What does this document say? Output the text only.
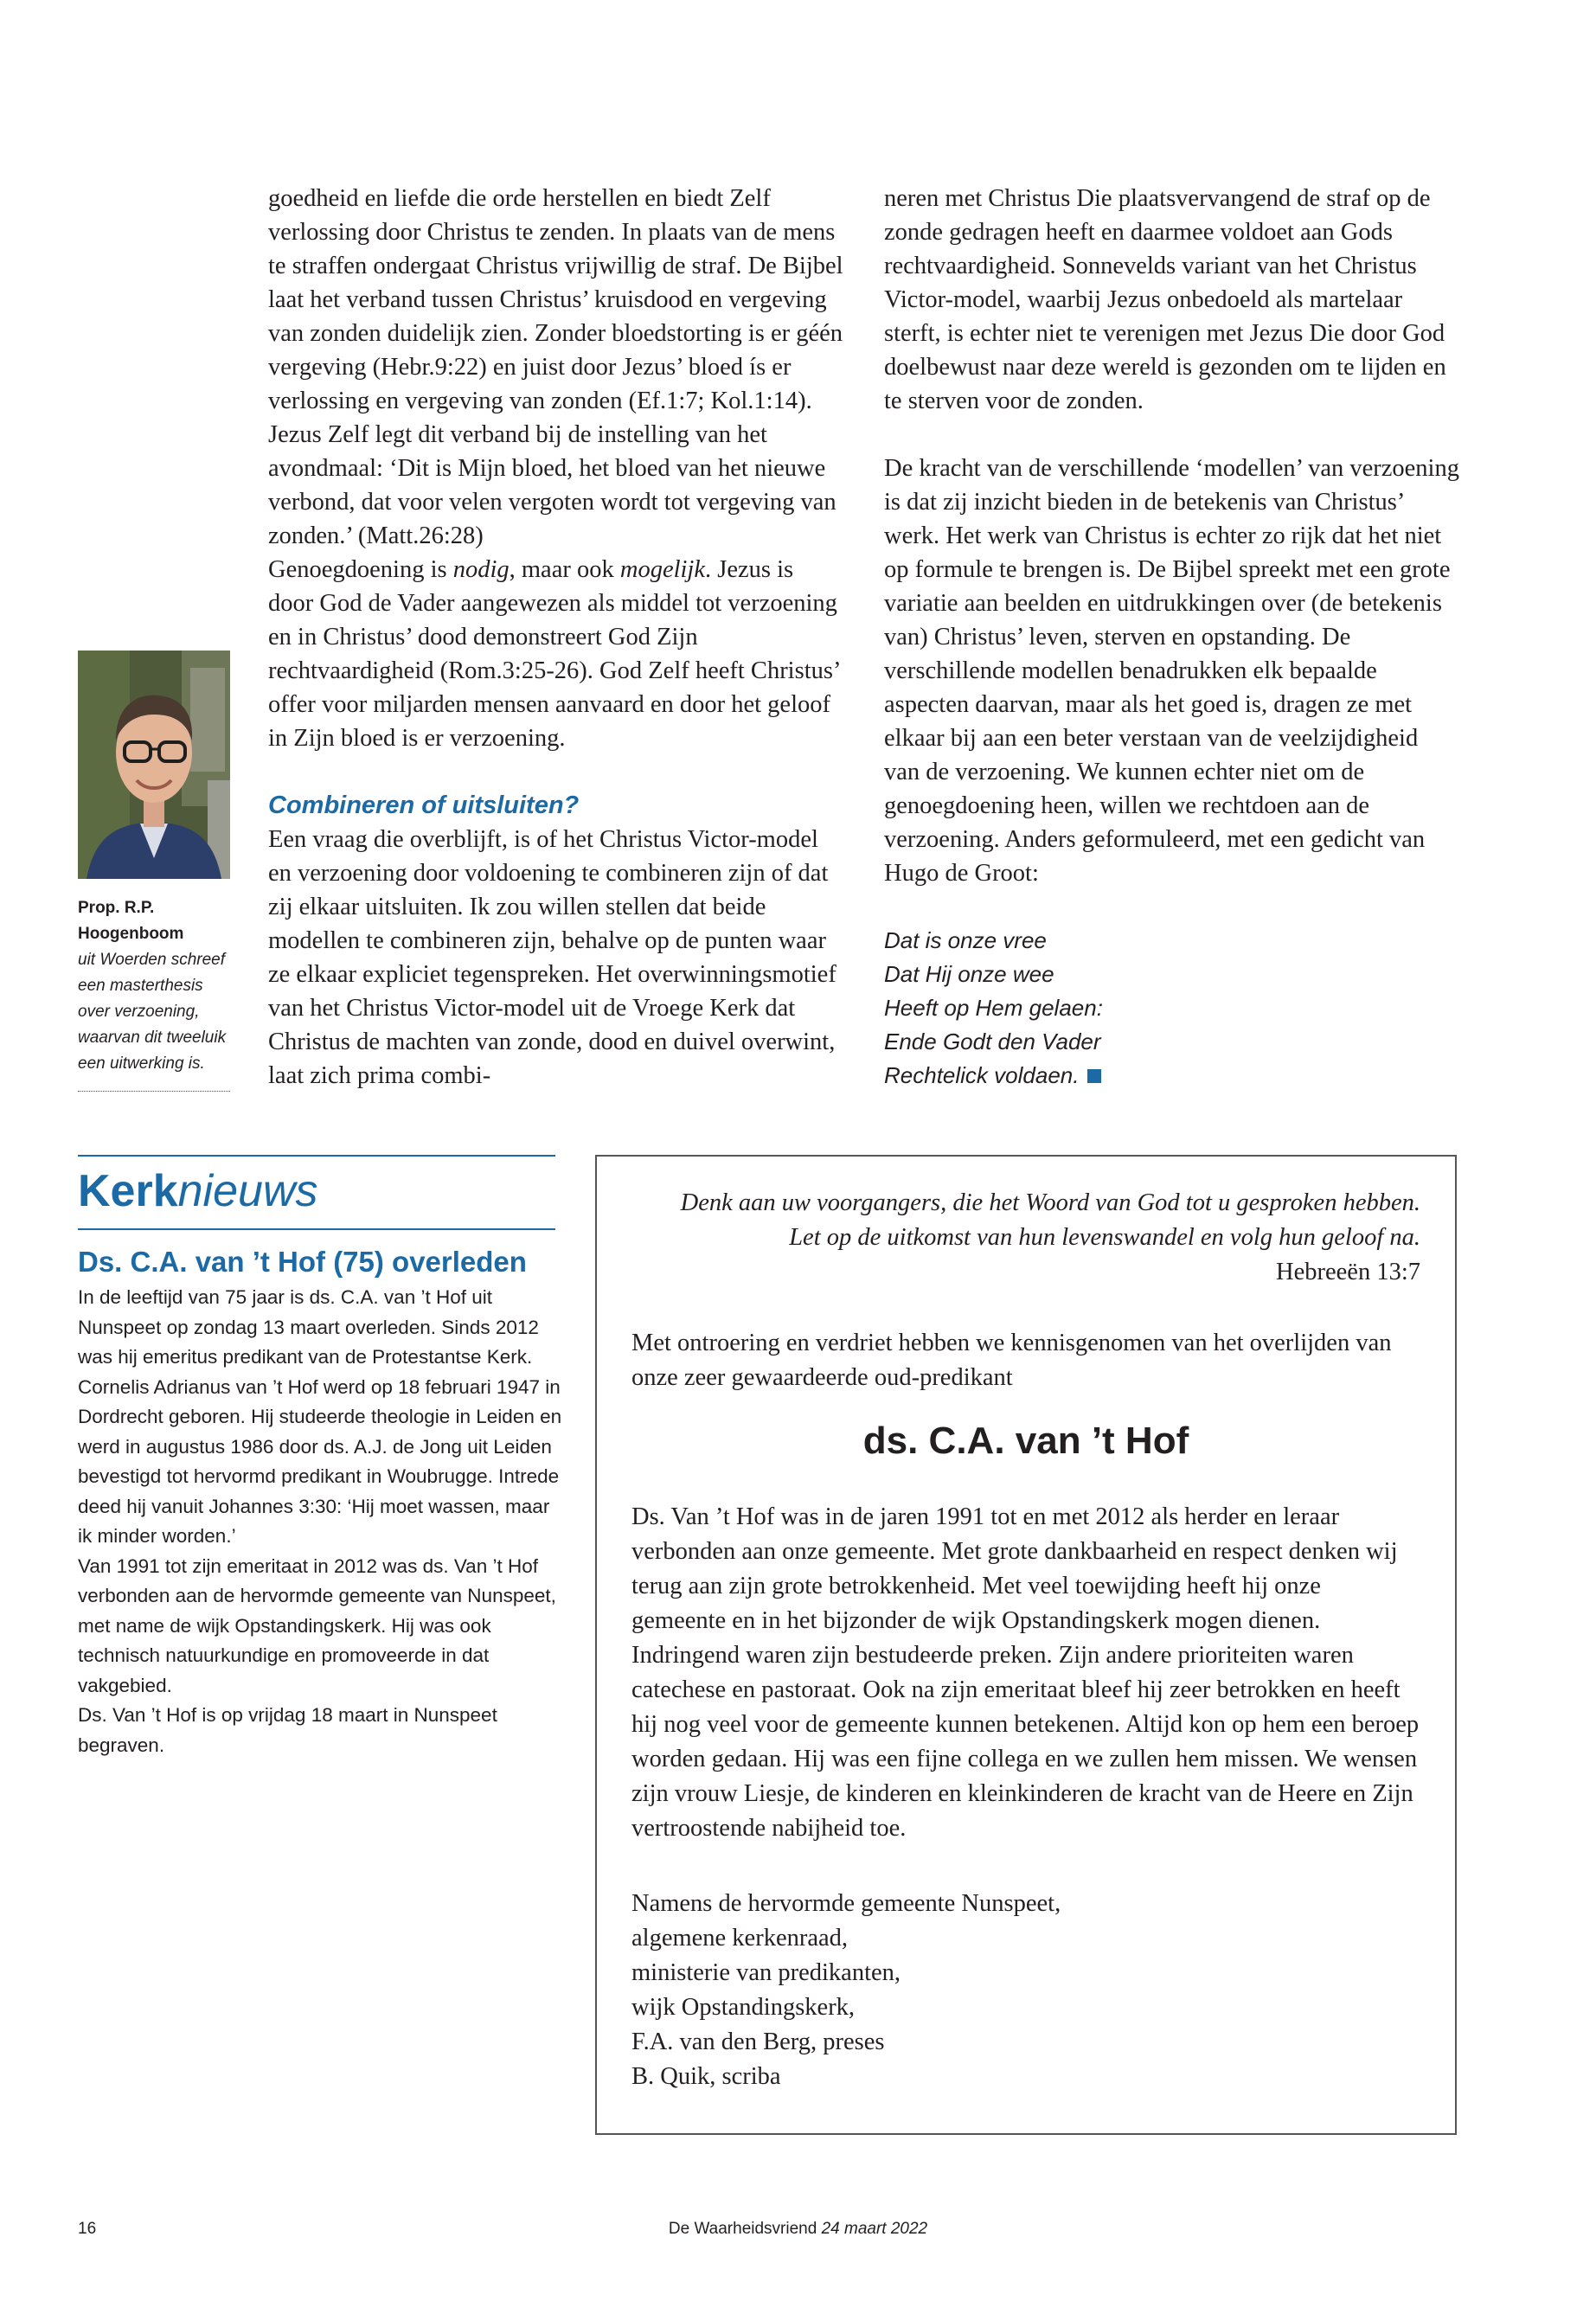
goedheid en liefde die orde herstellen en biedt Zelf verlossing door Christus te zenden. In plaats van de mens te straffen ondergaat Christus vrijwillig de straf. De Bijbel laat het verband tussen Christus’ kruisdood en vergeving van zonden duidelijk zien. Zonder bloedstorting is er géén vergeving (Hebr.9:22) en juist door Jezus’ bloed ís er verlossing en vergeving van zonden (Ef.1:7; Kol.1:14). Jezus Zelf legt dit verband bij de instelling van het avondmaal: ‘Dit is Mijn bloed, het bloed van het nieuwe verbond, dat voor velen vergoten wordt tot vergeving van zonden.’ (Matt.26:28)

Genoegdoening is nodig, maar ook mogelijk. Jezus is door God de Vader aangewezen als middel tot verzoening en in Christus’ dood demonstreert God Zijn rechtvaardigheid (Rom.3:25-26). God Zelf heeft Christus’ offer voor miljarden mensen aanvaard en door het geloof in Zijn bloed is er verzoening.

Combineren of uitsluiten?

Een vraag die overblijft, is of het Christus Victor-model en verzoening door voldoening te combineren zijn of dat zij elkaar uitsluiten. Ik zou willen stellen dat beide modellen te combineren zijn, behalve op de punten waar ze elkaar expliciet tegenspreken. Het overwinningsmotief van het Christus Victor-model uit de Vroege Kerk dat Christus de machten van zonde, dood en duivel overwint, laat zich prima combi-

neren met Christus Die plaatsvervangend de straf op de zonde gedragen heeft en daarmee voldoet aan Gods rechtvaardigheid. Sonnevelds variant van het Christus Victor-model, waarbij Jezus onbedoeld als martelaar sterft, is echter niet te verenigen met Jezus Die door God doelbewust naar deze wereld is gezonden om te lijden en te sterven voor de zonden.

De kracht van de verschillende ‘modellen’ van verzoening is dat zij inzicht bieden in de betekenis van Christus’ werk. Het werk van Christus is echter zo rijk dat het niet op formule te brengen is. De Bijbel spreekt met een grote variatie aan beelden en uitdrukkingen over (de betekenis van) Christus’ leven, sterven en opstanding. De verschillende modellen benadrukken elk bepaalde aspecten daarvan, maar als het goed is, dragen ze met elkaar bij aan een beter verstaan van de veelzijdigheid van de verzoening. We kunnen echter niet om de genoegdoening heen, willen we rechtdoen aan de verzoening. Anders geformuleerd, met een gedicht van Hugo de Groot:

Dat is onze vree
Dat Hij onze wee
Heeft op Hem gelaen:
Ende Godt den Vader
Rechtelick voldaen.
Prop. R.P. Hoogenboom
uit Woerden schreef een masterthesis over verzoening, waarvan dit tweeluik een uitwerking is.
Kerknieuws
Ds. C.A. van ’t Hof (75) overleden

In de leeftijd van 75 jaar is ds. C.A. van ’t Hof uit Nunspeet op zondag 13 maart overleden. Sinds 2012 was hij emeritus predikant van de Protestantse Kerk.

Cornelis Adrianus van ’t Hof werd op 18 februari 1947 in Dordrecht geboren. Hij studeerde theologie in Leiden en werd in augustus 1986 door ds. A.J. de Jong uit Leiden bevestigd tot hervormd predikant in Woubrugge. Intrede deed hij vanuit Johannes 3:30: ‘Hij moet wassen, maar ik minder worden.’

Van 1991 tot zijn emeritaat in 2012 was ds. Van ’t Hof verbonden aan de hervormde gemeente van Nunspeet, met name de wijk Opstandingskerk. Hij was ook technisch natuurkundige en promoveerde in dat vakgebied.

Ds. Van ’t Hof is op vrijdag 18 maart in Nunspeet begraven.

Denk aan uw voorgangers, die het Woord van God tot u gesproken hebben.
Let op de uitkomst van hun levenswandel en volg hun geloof na.
Hebreeën 13:7
Met ontroering en verdriet hebben we kennisgenomen van het overlijden van onze zeer gewaardeerde oud-predikant
ds. C.A. van ’t Hof
Ds. Van ’t Hof was in de jaren 1991 tot en met 2012 als herder en leraar verbonden aan onze gemeente. Met grote dankbaarheid en respect denken wij terug aan zijn grote betrokkenheid. Met veel toewijding heeft hij onze gemeente en in het bijzonder de wijk Opstandingskerk mogen dienen. Indringend waren zijn bestudeerde preken. Zijn andere prioriteiten waren catechese en pastoraat. Ook na zijn emeritaat bleef hij zeer betrokken en heeft hij nog veel voor de gemeente kunnen betekenen. Altijd kon op hem een beroep worden gedaan. Hij was een fijne collega en we zullen hem missen. We wensen zijn vrouw Liesje, de kinderen en kleinkinderen de kracht van de Heere en Zijn vertroostende nabijheid toe.
Namens de hervormde gemeente Nunspeet,
algemene kerkenraad,
ministerie van predikanten,
wijk Opstandingskerk,
F.A. van den Berg, preses
B. Quik, scriba
16	De Waarheidsvriend 24 maart 2022
